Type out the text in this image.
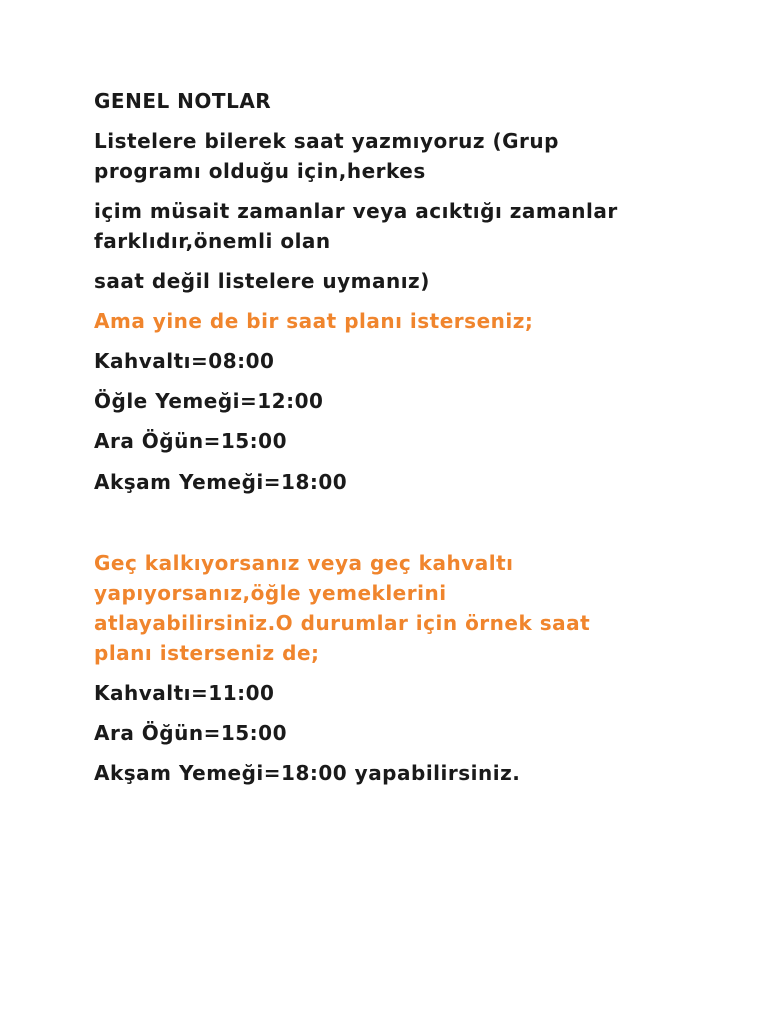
GENEL NOTLAR

Listelere bilerek saat yazmıyoruz (Grup

programı olduğu için,herkes

içim müsait zamanlar veya acıktığı zamanlar

farklıdır,önemli olan

saat değil listelere uymanız)

Ama yine de bir saat planı isterseniz;

Kahvaltı=08:00

Öğle Yemeği=12:00

Ara Öğün=15:00

Akşam Yemeği=18:00

Geç kalkıyorsanız veya geç kahvaltı

yapıyorsanız,öğle yemeklerini

atlayabilirsiniz.O durumlar için örnek saat

planı isterseniz de;

Kahvaltı=11:00

Ara Öğün=15:00

Akşam Yemeği=18:00 yapabilirsiniz.
